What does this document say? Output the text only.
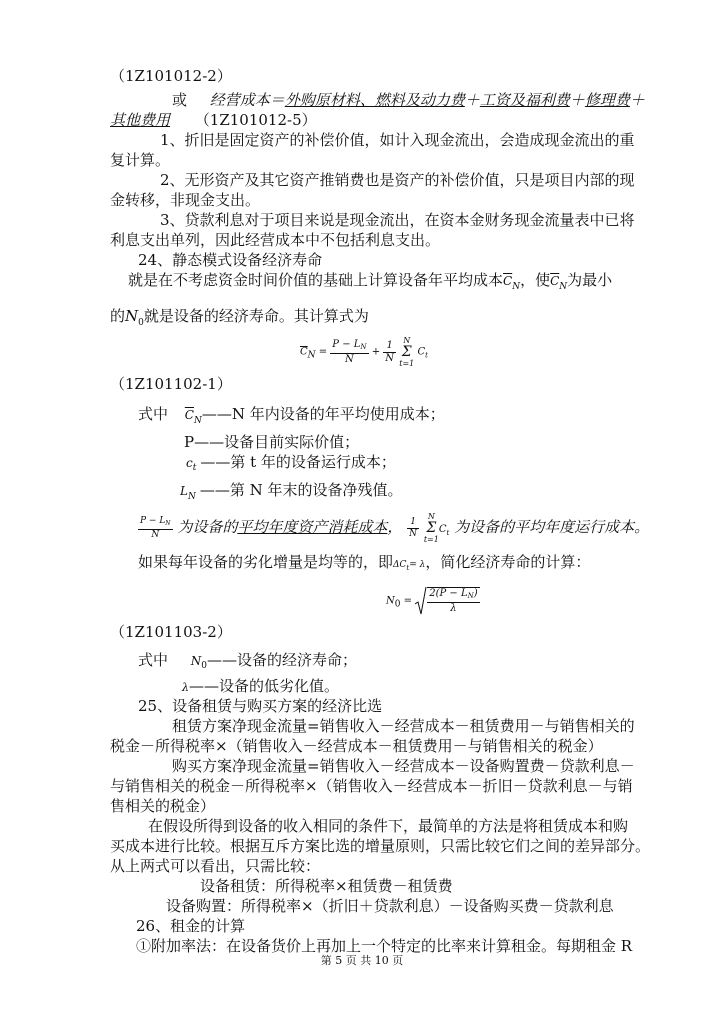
（1Z101012-2）
或 经营成本＝外购原材料、燃料及动力费＋工资及福利费＋修理费＋
其他费用 （1Z101012-5）
1、折旧是固定资产的补偿价值，如计入现金流出，会造成现金流出的重
复计算。
2、无形资产及其它资产推销费也是资产的补偿价值，只是项目内部的现
金转移，非现金支出。
3、贷款利息对于项目来说是现金流出，在资本金财务现金流量表中已将
利息支出单列，因此经营成本中不包括利息支出。
24、静态模式设备经济寿命
就是在不考虑资金时间价值的基础上计算设备年平均成本$\overline{C}_N$，使$\overline{C}_N$为最小
的$N_0$就是设备的经济寿命。其计算式为
$\overline{C}N = \frac{P - L_N}{N} + \frac{1}{N}$
N
Σ
t=1
$C_t$
（1Z101102-1）
式中 $\overline{C}_N——N$ 年内设备的年平均使用成本；
P——设备目前实际价值；
$c_t$ ——第 t 年的设备运行成本；
$L_N$ ——第 N 年末的设备净残值。
$\frac{P - L_N}{N}$ 为设备的平均年度资产消耗成本， $\frac{1}{N}$
	N
Σ
t=1
$C_t$ 为设备的平均年度运行成本。
如果每年设备的劣化增量是均等的，即$\Delta C_t= \lambda$，简化经济寿命的计算：
$N0 = \frac{2(P - L_N)}{\lambda}$
（1Z101103-2）
式中 $N_0——$设备的经济寿命；
λ——设备的低劣化值。
25、设备租赁与购买方案的经济比选
租赁方案净现金流量=销售收入－经营成本－租赁费用－与销售相关的
税金－所得税率×（销售收入－经营成本－租赁费用－与销售相关的税金）
购买方案净现金流量=销售收入－经营成本－设备购置费－贷款利息－
与销售相关的税金－所得税率×（销售收入－经营成本－折旧－贷款利息－与销
售相关的税金）
在假设所得到设备的收入相同的条件下，最简单的方法是将租赁成本和购
买成本进行比较。根据互斥方案比选的增量原则，只需比较它们之间的差异部分。
从上两式可以看出，只需比较：
设备租赁：所得税率×租赁费－租赁费
设备购置：所得税率×（折旧＋贷款利息）－设备购买费－贷款利息
26、租金的计算
①附加率法：在设备货价上再加上一个特定的比率来计算租金。每期租金 R
第 5 页 共 10 页
